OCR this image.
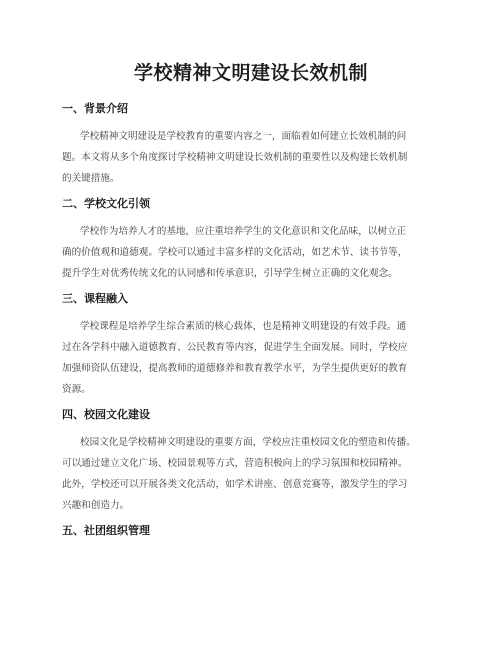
学校精神文明建设长效机制
一、背景介绍
学校精神文明建设是学校教育的重要内容之一，面临着如何建立长效机制的问
题。本文将从多个角度探讨学校精神文明建设长效机制的重要性以及构建长效机制
的关键措施。
二、学校文化引领
学校作为培养人才的基地，应注重培养学生的文化意识和文化品味，以树立正
确的价值观和道德观。学校可以通过丰富多样的文化活动，如艺术节、读书节等，
提升学生对优秀传统文化的认同感和传承意识，引导学生树立正确的文化观念。
三、课程融入
学校课程是培养学生综合素质的核心载体，也是精神文明建设的有效手段。通
过在各学科中融入道德教育、公民教育等内容，促进学生全面发展。同时，学校应
加强师资队伍建设，提高教师的道德修养和教育教学水平，为学生提供更好的教育
资源。
四、校园文化建设
校园文化是学校精神文明建设的重要方面，学校应注重校园文化的塑造和传播。
可以通过建立文化广场、校园景观等方式，营造积极向上的学习氛围和校园精神。
此外，学校还可以开展各类文化活动，如学术讲座、创意竞赛等，激发学生的学习
兴趣和创造力。
五、社团组织管理
